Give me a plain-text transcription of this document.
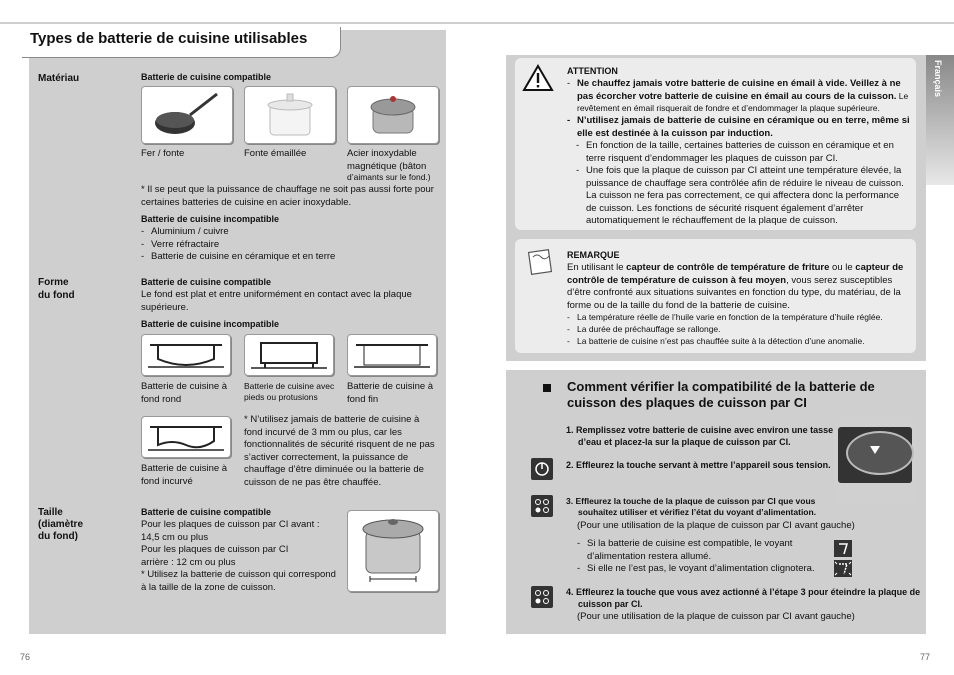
Types de batterie de cuisine utilisables
Matériau	Batterie de cuisine compatible
Fer / fonte	Fonte émaillée	Acier inoxydable magnétique (bâton
d’aimants sur le fond.)
* Il se peut que la puissance de chauffage ne soit pas aussi forte pour certaines batteries de cuisine en acier inoxydable.
Batterie de cuisine incompatible
- Aluminium / cuivre
- Verre réfractaire
- Batterie de cuisine en céramique et en terre
Forme
du fond
Batterie de cuisine compatible
Le fond est plat et entre uniformément en contact avec la plaque supérieure.
Batterie de cuisine incompatible
Batterie de cuisine à fond rond
Batterie de cuisine avec pieds ou protusions
Batterie de cuisine à fond fin
Batterie de cuisine à fond incurvé
* N’utilisez jamais de batterie de cuisine à fond incurvé de 3 mm ou plus, car les fonctionnalités de sécurité risquent de ne pas s’activer correctement, la puissance de chauffage d’être diminuée ou la batterie de cuisson de ne pas être chauffée.
Taille
(diamètre
du fond)
Batterie de cuisine compatible
Pour les plaques de cuisson par CI avant :
14,5 cm ou plus
Pour les plaques de cuisson par CI
arrière : 12 cm ou plus
* Utilisez la batterie de cuisson qui correspond à la taille de la zone de cuisson.
76
Français
ATTENTION
- Ne chauffez jamais votre batterie de cuisine en émail à vide. Veillez à ne pas écorcher votre batterie de cuisine en émail au cours de la cuisson. Le revêtement en émail risquerait de fondre et d’endommager la plaque supérieure.
- N’utilisez jamais de batterie de cuisine en céramique ou en terre, même si elle est destinée à la cuisson par induction.
- En fonction de la taille, certaines batteries de cuisson en céramique et en terre risquent d’endommager les plaques de cuisson par CI.
- Une fois que la plaque de cuisson par CI atteint une température élevée, la puissance de chauffage sera contrôlée afin de réduire le niveau de cuisson. La cuisson ne fera pas correctement, ce qui affectera donc la performance de cuisson. Les fonctions de sécurité risquent également d’arrêter automatiquement le réchauffement de la plaque de cuisson.
REMARQUE
En utilisant le capteur de contrôle de température de friture ou le capteur de contrôle de température de cuisson à feu moyen, vous serez susceptibles d’être confronté aux situations suivantes en fonction du type, du matériau, de la forme ou de la taille du fond de la batterie de cuisine.
- La température réelle de l’huile varie en fonction de la température d’huile réglée.
- La durée de préchauffage se rallonge.
- La batterie de cuisine n’est pas chauffée suite à la détection d’une anomalie.
Comment vérifier la compatibilité de la batterie de cuisson des plaques de cuisson par CI
1. Remplissez votre batterie de cuisine avec environ une tasse d’eau et placez-la sur la plaque de cuisson par CI.
2. Effleurez la touche servant à mettre l’appareil sous tension.
3. Effleurez la touche de la plaque de cuisson par CI que vous souhaitez utiliser et vérifiez l’état du voyant d’alimentation.
(Pour une utilisation de la plaque de cuisson par CI avant gauche)
- Si la batterie de cuisine est compatible, le voyant d’alimentation restera allumé.
- Si elle ne l’est pas, le voyant d’alimentation clignotera.
4. Effleurez la touche que vous avez actionné à l’étape 3 pour éteindre la plaque de cuisson par CI.
(Pour une utilisation de la plaque de cuisson par CI avant gauche)
77
